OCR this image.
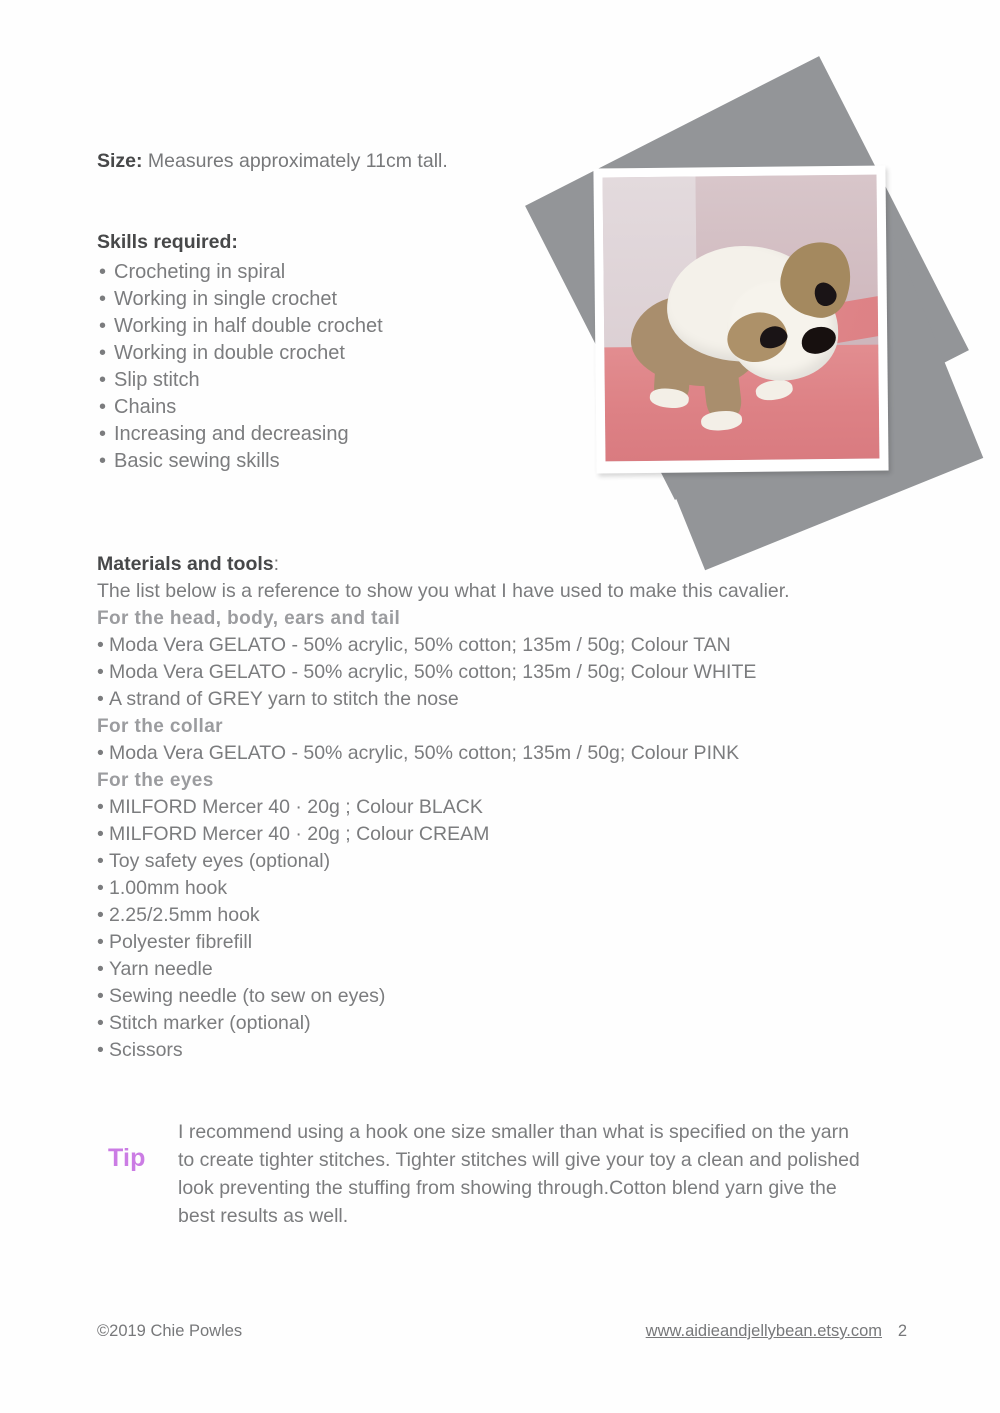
Size: Measures approximately 11cm tall.
Skills required:
• Crocheting in spiral
• Working in single crochet
• Working in half double crochet
• Working in double crochet
• Slip stitch
• Chains
• Increasing and decreasing
• Basic sewing skills
Materials and tools:
The list below is a reference to show you what I have used to make this cavalier.
For the head, body, ears and tail
• Moda Vera GELATO - 50% acrylic, 50% cotton; 135m / 50g; Colour TAN
• Moda Vera GELATO - 50% acrylic, 50% cotton; 135m / 50g; Colour WHITE
• A strand of GREY yarn to stitch the nose
For the collar
• Moda Vera GELATO - 50% acrylic, 50% cotton; 135m / 50g; Colour PINK
For the eyes
• MILFORD Mercer 40 · 20g ; Colour BLACK
• MILFORD Mercer 40 · 20g ; Colour CREAM
• Toy safety eyes (optional)
• 1.00mm hook
• 2.25/2.5mm hook
• Polyester fibrefill
• Yarn needle
• Sewing needle (to sew on eyes)
• Stitch marker (optional)
• Scissors
Tip
I recommend using a hook one size smaller than what is specified on the yarn to create tighter stitches. Tighter stitches will give your toy a clean and polished look preventing the stuffing from showing through.Cotton blend yarn give the best results as well.
©2019 Chie Powles	www.aidieandjellybean.etsy.com 2
